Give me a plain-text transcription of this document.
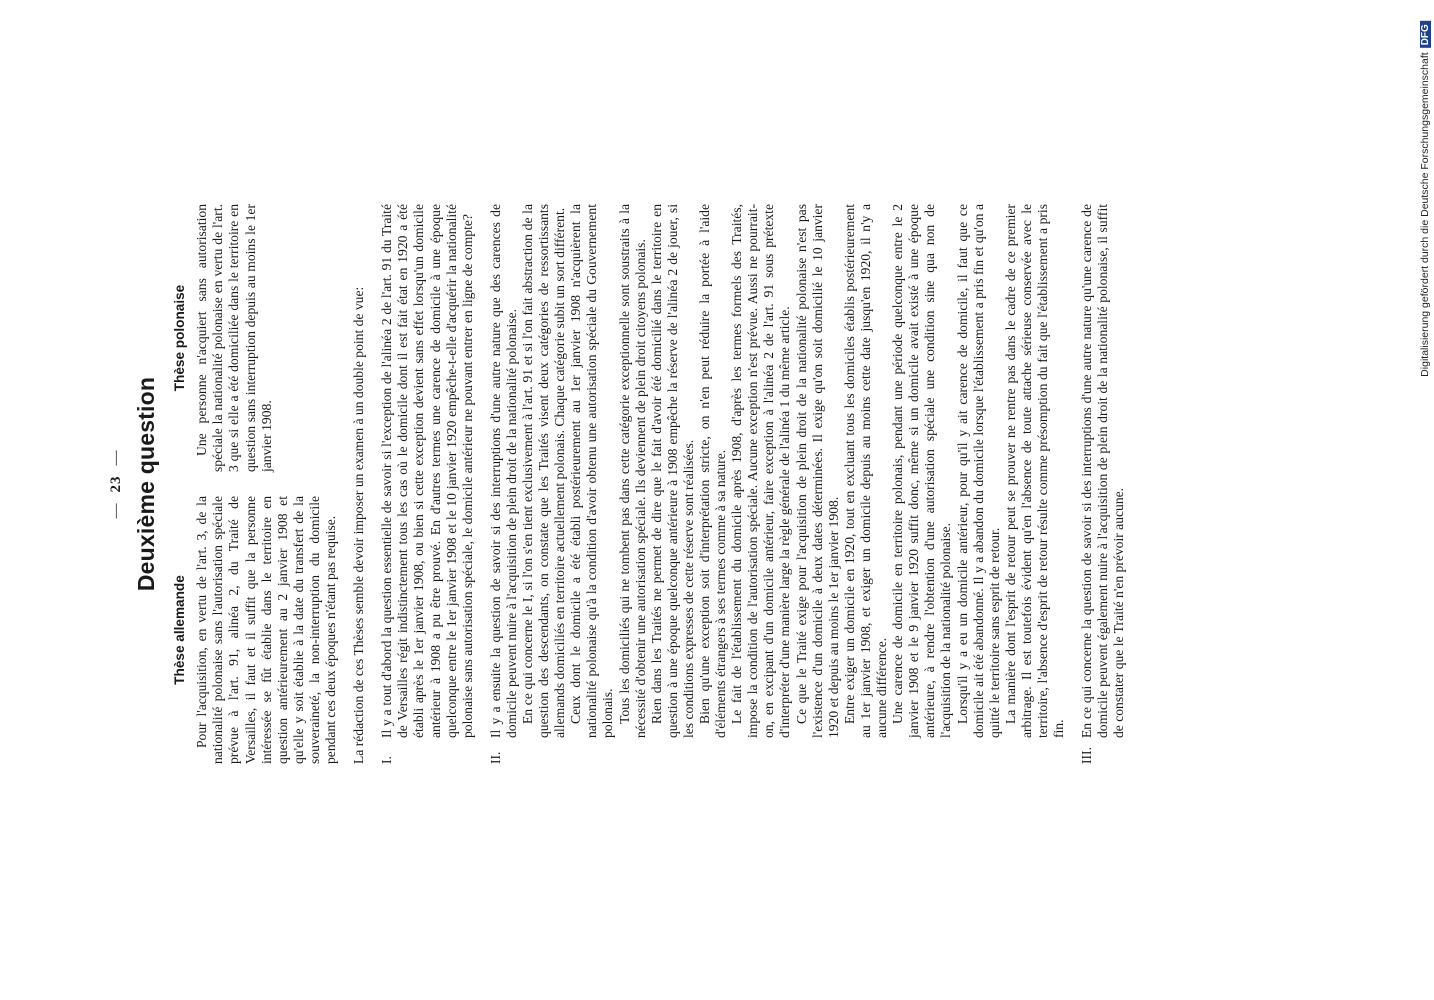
—23— Deuxième question
Thèse allemande Pour l'acquisition, en vertu de l'art. 3, de la nationalité polonaise sans l'autorisation spéciale prévue à l'art. 91, alinéa 2, du Traité de Versailles, il faut et il suffit que la personne intéressée se fût établie dans le territoire en question antérieurement au 2 janvier 1908 et qu'elle y soit établie à la date du transfert de la souveraineté, la non-interruption du domicile pendant ces deux époques n'étant pas requise.

Thèse polonaise Une personne n'acquiert sans autorisation spéciale la nationalité polonaise en vertu de l'art. 3 que si elle a été domiciliée dans le territoire en question sans interruption depuis au moins le 1er janvier 1908.	La rédaction de ces Thèses semble devoir imposer un examen à un double point de vue: I.

Il y a tout d'abord la question essentielle de savoir si l'exception de l'alinéa 2 de l'art. 91 du Traité de Versailles régit indistinctement tous les cas où le domicile dont il est fait état en 1920 a été établi après le 1er janvier 1908, ou bien si cette exception devient sans effet lorsqu'un domicile antérieur à 1908 a pu être prouvé. En d'autres termes une carence de domicile à une époque quelconque entre le 1er janvier 1908 et le 10 janvier 1920 empêche-t-elle d'acquérir la nationalité polonaise sans autorisation spéciale, le domicile antérieur ne pouvant entrer en ligne de compte?

II.

Il y a ensuite la question de savoir si des interruptions d'une autre nature que des carences de domicile peuvent nuire à l'acquisition de plein droit de la nationalité polonaise. En ce qui concerne le I, si l'on s'en tient exclusivement à l'art. 91 et si l'on fait abstraction de la question des descendants, on constate que les Traités visent deux catégories de ressortissants allemands domiciliés en territoire actuellement polonais. Chaque catégorie subit un sort différent. Ceux dont le domicile a été établi postérieurement au 1er janvier 1908 n'acquièrent la nationalité polonaise qu'à la condition d'avoir obtenu une autorisation spéciale du Gouvernement polonais. Tous les domiciliés qui ne tombent pas dans cette catégorie exceptionnelle sont soustraits à la nécessité d'obtenir une autorisation spéciale. Ils deviennent de plein droit citoyens polonais. Rien dans les Traités ne permet de dire que le fait d'avoir été domicilié dans le territoire en question à une époque quelconque antérieure à 1908 empêche la réserve de l'alinéa 2 de jouer, si les conditions expresses de cette réserve sont réalisées. Bien qu'une exception soit d'interprétation stricte, on n'en peut réduire la portée à l'aide d'éléments étrangers à ses termes comme à sa nature. Le fait de l'établissement du domicile après 1908, d'après les termes formels des Traités, impose la condition de l'autorisation spéciale. Aucune exception n'est prévue. Aussi ne pourrait-on, en excipant d'un domicile antérieur, faire exception à l'alinéa 2 de l'art. 91 sous prétexte d'interpréter d'une manière large la règle générale de l'alinéa 1 du même article. Ce que le Traité exige pour l'acquisition de plein droit de la nationalité polonaise n'est pas l'existence d'un domicile à deux dates déterminées. Il exige qu'on soit domicilié le 10 janvier 1920 et depuis au moins le 1er janvier 1908. Entre exiger un domicile en 1920, tout en excluant tous les domiciles établis postérieurement au 1er janvier 1908, et exiger un domicile depuis au moins cette date jusqu'en 1920, il n'y a aucune différence. Une carence de domicile en territoire polonais, pendant une période quelconque entre le 2 janvier 1908 et le 9 janvier 1920 suffit donc, même si un domicile avait existé à une époque antérieure, à rendre l'obtention d'une autorisation spéciale une condition sine qua non de l'acquisition de la nationalité polonaise. Lorsqu'il y a eu un domicile antérieur, pour qu'il y ait carence de domicile, il faut que ce domicile ait été abandonné. Il y a abandon du domicile lorsque l'établissement a pris fin et qu'on a quitté le territoire sans esprit de retour. La manière dont l'esprit de retour peut se prouver ne rentre pas dans le cadre de ce premier arbitrage. Il est toutefois évident qu'en l'absence de toute attache sérieuse conservée avec le territoire, l'absence d'esprit de retour résulte comme présomption du fait que l'établissement a pris fin.

III.

En ce qui concerne la question de savoir si des interruptions d'une autre nature qu'une carence de domicile peuvent également nuire à l'acquisition de plein droit de la nationalité polonaise, il suffit de constater que le Traité n'en prévoir aucune.

Digitalisierung gefördert durch die Deutsche ForschungsgemeinschaftDFG
